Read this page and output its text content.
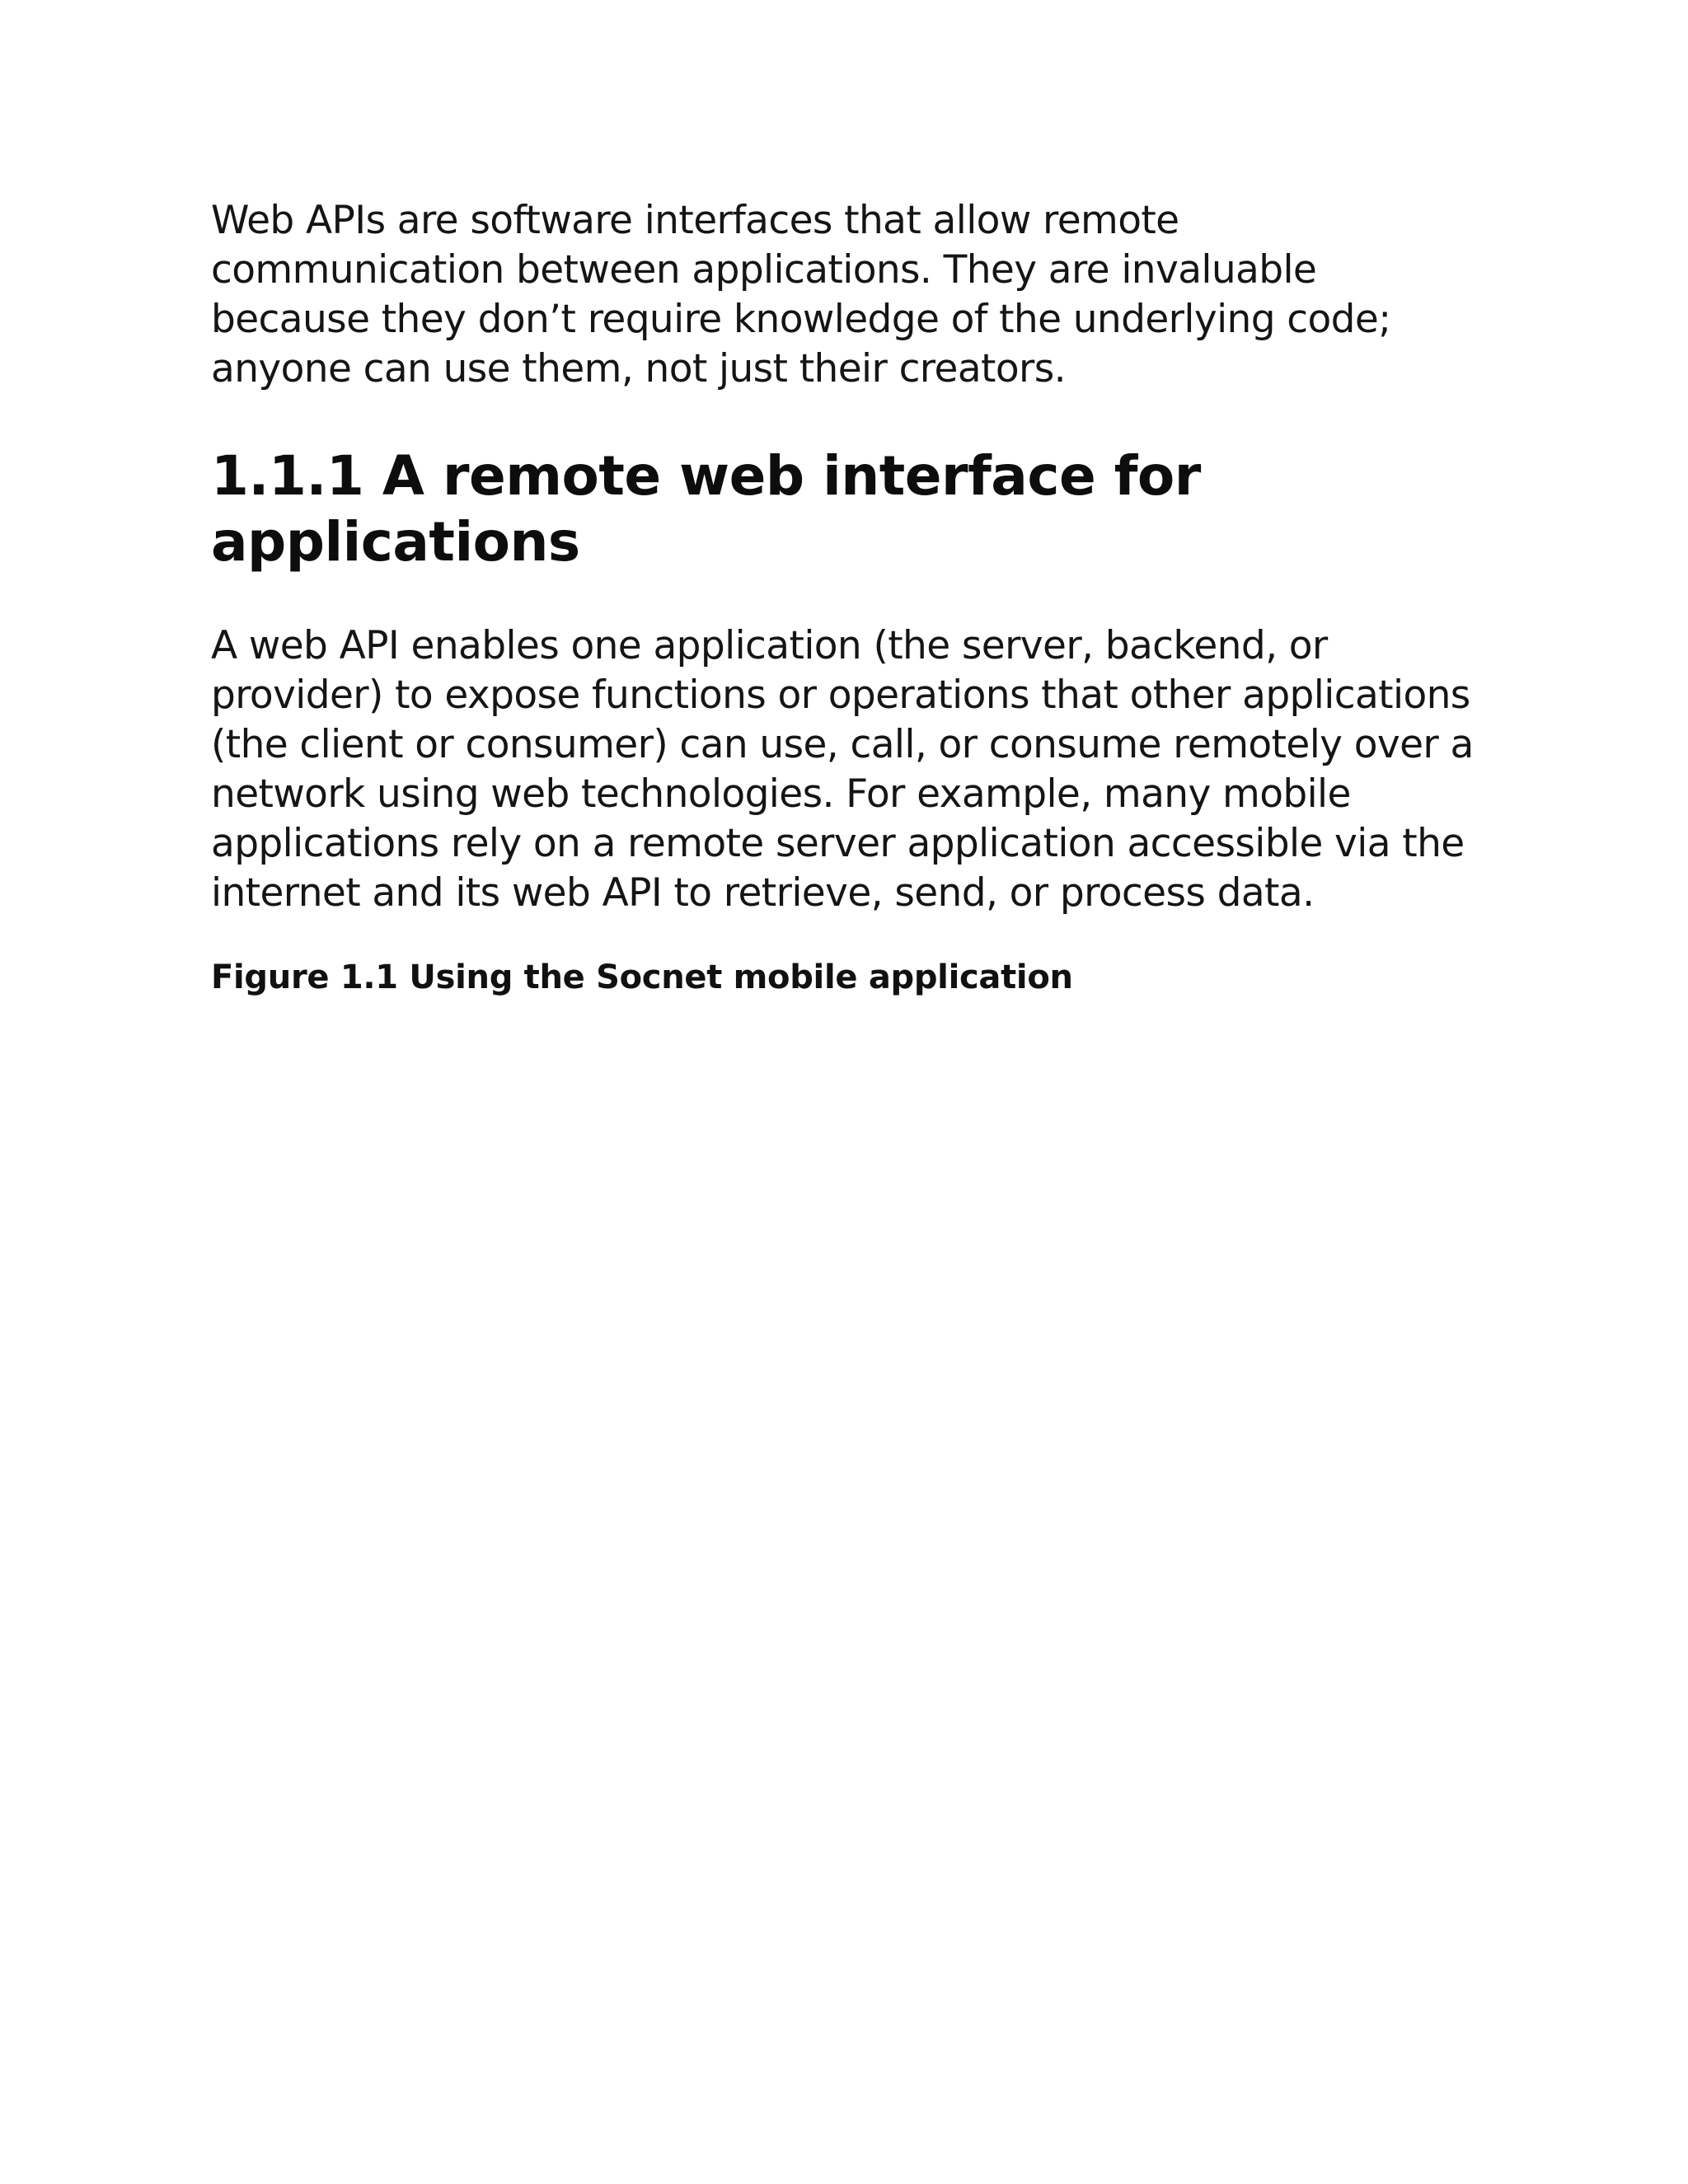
Web APIs are software interfaces that allow remote communication between applications. They are invaluable because they don’t require knowledge of the underlying code; anyone can use them, not just their creators.

1.1.1 A remote web interface for applications

A web API enables one application (the server, backend, or provider) to expose functions or operations that other applications (the client or consumer) can use, call, or consume remotely over a network using web technologies. For example, many mobile applications rely on a remote server application accessible via the internet and its web API to retrieve, send, or process data.

Figure 1.1 Using the Socnet mobile application
